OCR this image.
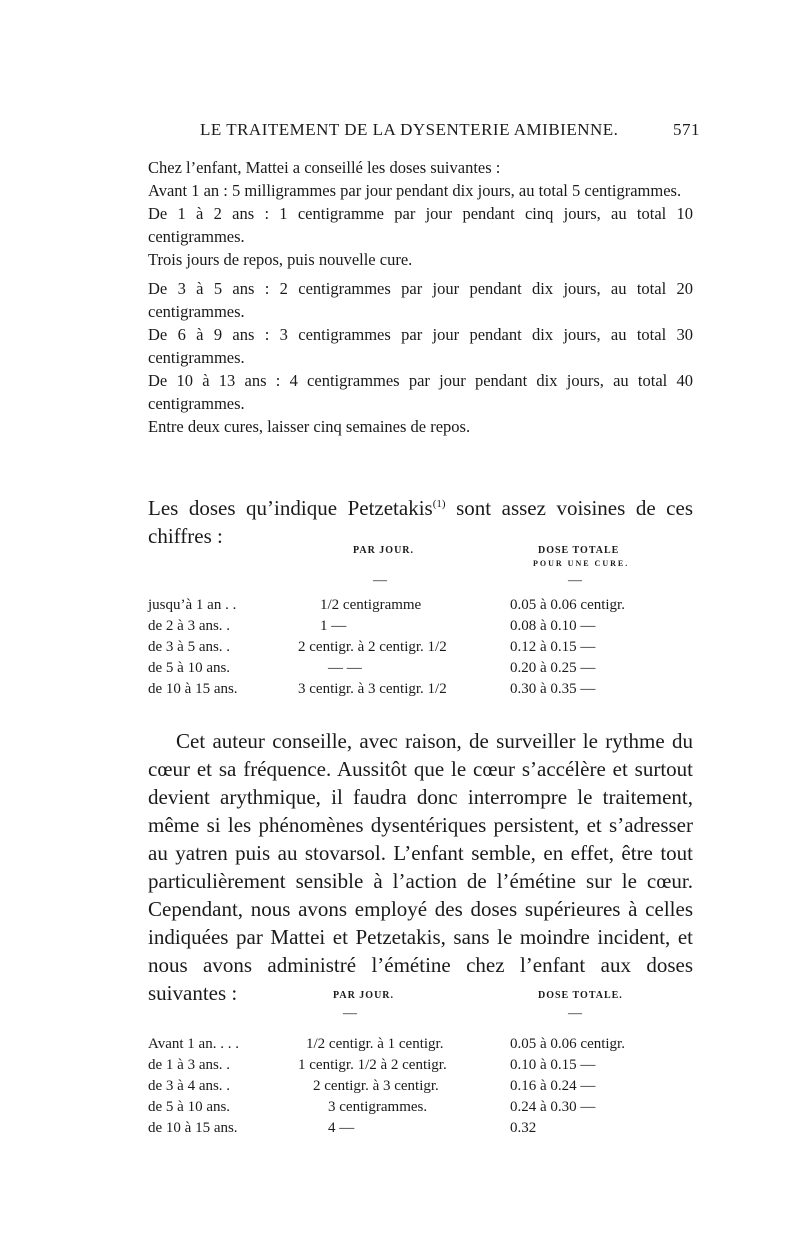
LE TRAITEMENT DE LA DYSENTERIE AMIBIENNE.	571

Chez l’enfant, Mattei a conseillé les doses suivantes :

Avant 1 an : 5 milligrammes par jour pendant dix jours, au total 5 centigrammes.

De 1 à 2 ans : 1 centigramme par jour pendant cinq jours, au total 10 centigrammes.

Trois jours de repos, puis nouvelle cure.

De 3 à 5 ans : 2 centigrammes par jour pendant dix jours, au total 20 centigrammes.

De 6 à 9 ans : 3 centigrammes par jour pendant dix jours, au total 30 centigrammes.

De 10 à 13 ans : 4 centigrammes par jour pendant dix jours, au total 40 centigrammes.

Entre deux cures, laisser cinq semaines de repos.

Les doses qu’indique Petzetakis$^{(1)}$ sont assez voisines de ces chiffres :

PAR JOUR.	DOSE TOTALE
POUR UNE CURE.
—	—
jusqu’à 1 an . .	1/2 centigramme	0.05 à 0.06 centigr.
de 2 à 3 ans. .	1 —	0.08 à 0.10 —
de 3 à 5 ans. .	2 centigr. à 2 centigr. 1/2	0.12 à 0.15 —
de 5 à 10 ans.	— —	0.20 à 0.25 —
de 10 à 15 ans.	3 centigr. à 3 centigr. 1/2	0.30 à 0.35 —

Cet auteur conseille, avec raison, de surveiller le rythme du cœur et sa fréquence. Aussitôt que le cœur s’accélère et surtout devient arythmique, il faudra donc interrompre le traitement, même si les phénomènes dysentériques persistent, et s’adresser au yatren puis au stovarsol. L’enfant semble, en effet, être tout particulièrement sensible à l’action de l’émétine sur le cœur. Cependant, nous avons employé des doses supérieures à celles indiquées par Mattei et Petzetakis, sans le moindre incident, et nous avons administré l’émétine chez l’enfant aux doses suivantes :	PAR JOUR.	DOSE TOTALE.
—	—
Avant 1 an. . . .	1/2 centigr. à 1 centigr.	0.05 à 0.06 centigr.
de 1 à 3 ans. .	1 centigr. 1/2 à 2 centigr.	0.10 à 0.15 —
de 3 à 4 ans. .	2 centigr. à 3 centigr.	0.16 à 0.24 —
de 5 à 10 ans.	3 centigrammes.	0.24 à 0.30 —
de 10 à 15 ans.	4 —	0.32
